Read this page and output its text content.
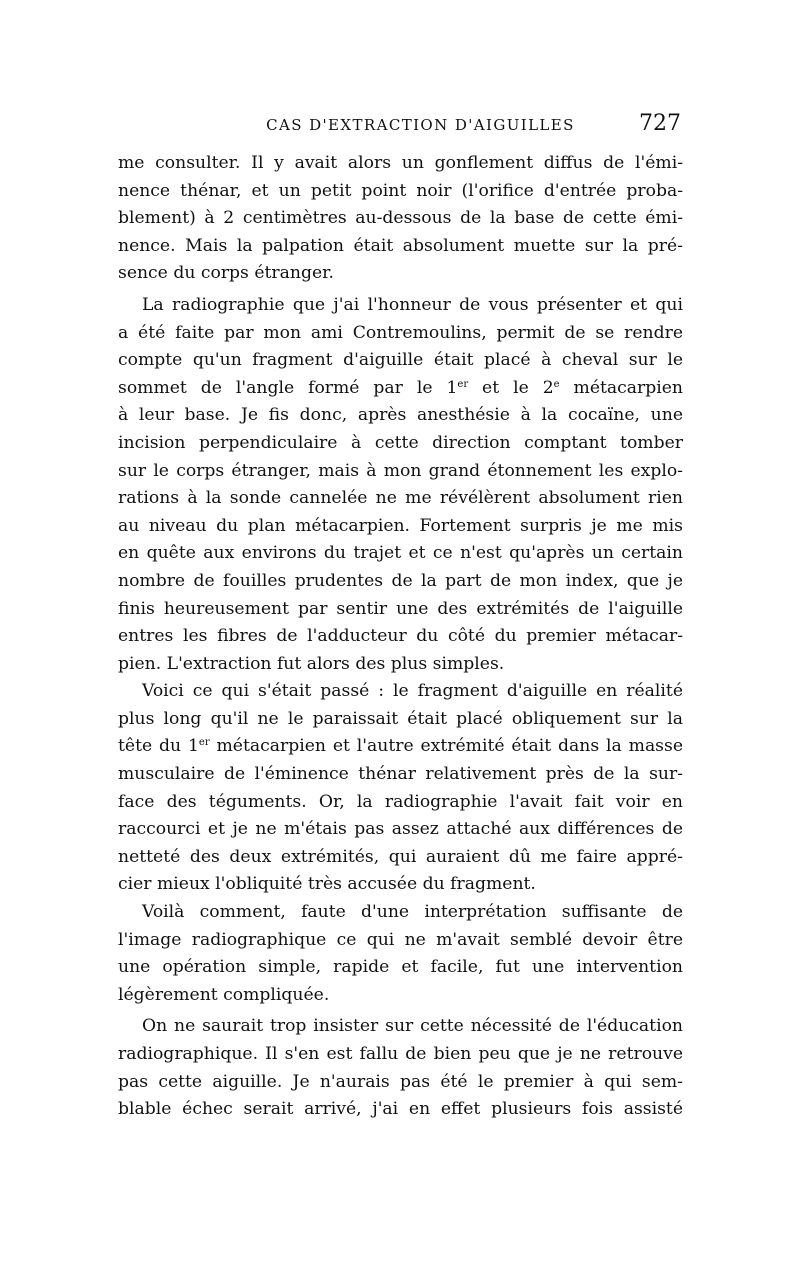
CAS D'EXTRACTION D'AIGUILLES	727
me consulter. Il y avait alors un gonflement diffus de l'émi-
nence thénar, et un petit point noir (l'orifice d'entrée proba-
blement) à 2 centimètres au-dessous de la base de cette émi-
nence. Mais la palpation était absolument muette sur la pré-
sence du corps étranger.
La radiographie que j'ai l'honneur de vous présenter et qui
a été faite par mon ami Contremoulins, permit de se rendre
compte qu'un fragment d'aiguille était placé à cheval sur le
sommet de l'angle formé par le 1er et le 2e métacarpien
à leur base. Je fis donc, après anesthésie à la cocaïne, une
incision perpendiculaire à cette direction comptant tomber
sur le corps étranger, mais à mon grand étonnement les explo-
rations à la sonde cannelée ne me révélèrent absolument rien
au niveau du plan métacarpien. Fortement surpris je me mis
en quête aux environs du trajet et ce n'est qu'après un certain
nombre de fouilles prudentes de la part de mon index, que je
finis heureusement par sentir une des extrémités de l'aiguille
entres les fibres de l'adducteur du côté du premier métacar-
pien. L'extraction fut alors des plus simples.
Voici ce qui s'était passé : le fragment d'aiguille en réalité
plus long qu'il ne le paraissait était placé obliquement sur la
tête du 1er métacarpien et l'autre extrémité était dans la masse
musculaire de l'éminence thénar relativement près de la sur-
face des téguments. Or, la radiographie l'avait fait voir en
raccourci et je ne m'étais pas assez attaché aux différences de
netteté des deux extrémités, qui auraient dû me faire appré-
cier mieux l'obliquité très accusée du fragment.
Voilà comment, faute d'une interprétation suffisante de
l'image radiographique ce qui ne m'avait semblé devoir être
une opération simple, rapide et facile, fut une intervention
légèrement compliquée.
On ne saurait trop insister sur cette nécessité de l'éducation
radiographique. Il s'en est fallu de bien peu que je ne retrouve
pas cette aiguille. Je n'aurais pas été le premier à qui sem-
blable échec serait arrivé, j'ai en effet plusieurs fois assisté
